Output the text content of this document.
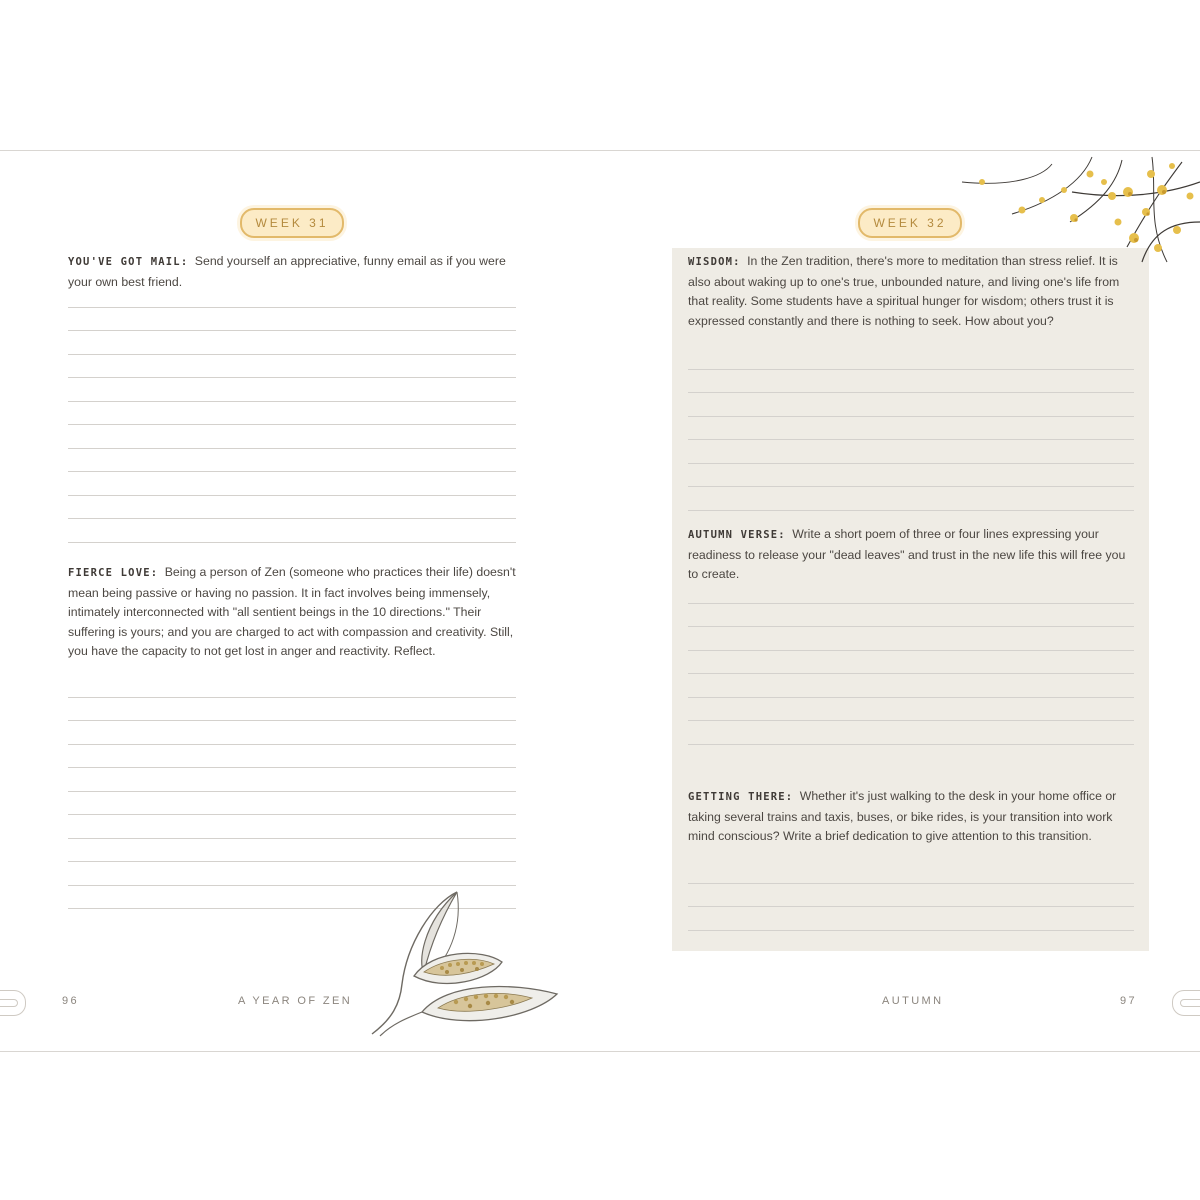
WEEK 31
YOU'VE GOT MAIL: Send yourself an appreciative, funny email as if you were your own best friend.
FIERCE LOVE: Being a person of Zen (someone who practices their life) doesn't mean being passive or having no passion. It in fact involves being immensely, intimately interconnected with "all sentient beings in the 10 directions." Their suffering is yours; and you are charged to act with compassion and creativity. Still, you have the capacity to not get lost in anger and reactivity. Reflect.
96	A YEAR OF ZEN
WEEK 32
WISDOM: In the Zen tradition, there's more to meditation than stress relief. It is also about waking up to one's true, unbounded nature, and living one's life from that reality. Some students have a spiritual hunger for wisdom; others trust it is expressed constantly and there is nothing to seek. How about you?
AUTUMN VERSE: Write a short poem of three or four lines expressing your readiness to release your "dead leaves" and trust in the new life this will free you to create.
GETTING THERE: Whether it's just walking to the desk in your home office or taking several trains and taxis, buses, or bike rides, is your transition into work mind conscious? Write a brief dedication to give attention to this transition.
AUTUMN	97
